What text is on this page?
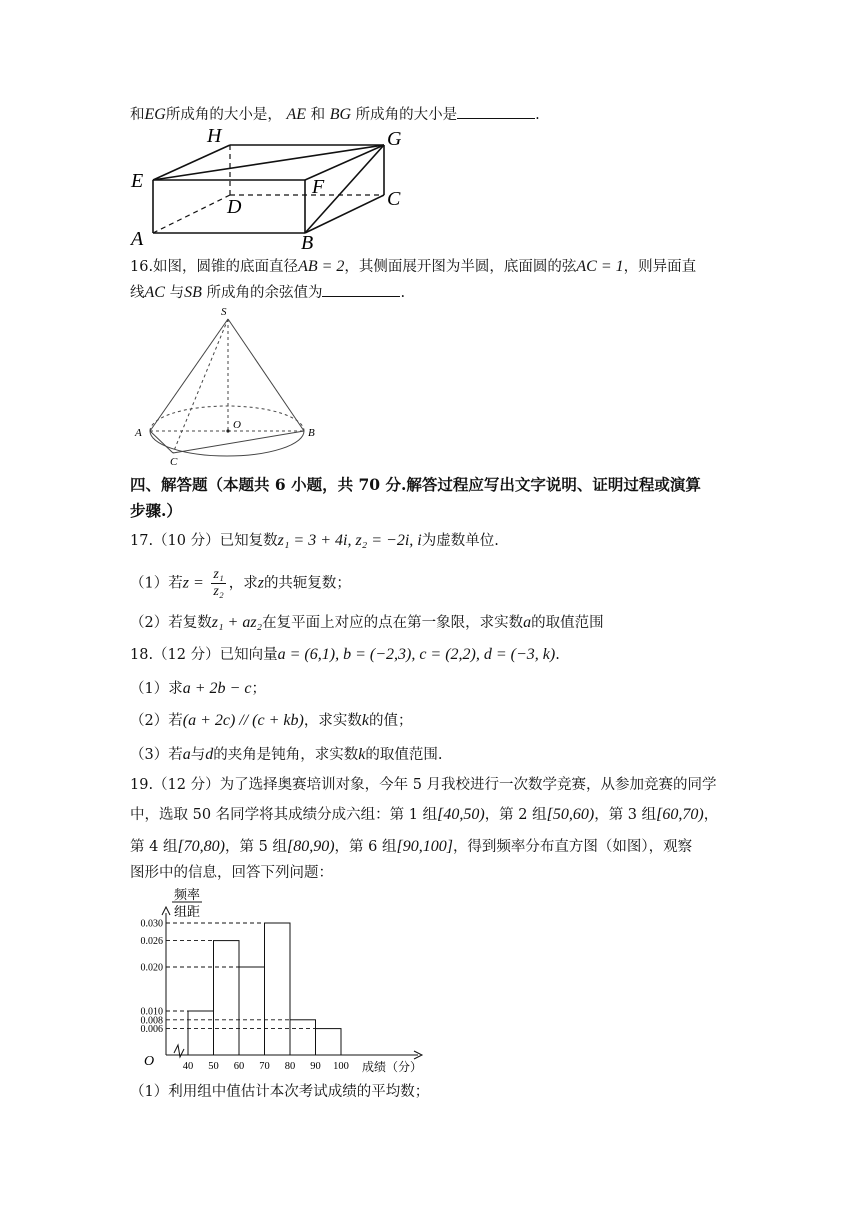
和EG所成角的大小是， AE 和 BG 所成角的大小是	.
H	G
E	F
D	C
A	B
16.如图，圆锥的底面直径AB = 2，其侧面展开图为半圆，底面圆的弦AC = 1，则异面直
线AC 与SB 所成角的余弦值为	.
S
O
A	B
C
四、解答题（本题共 6 小题，共 70 分.解答过程应写出文字说明、证明过程或演算
步骤.）
17.（10 分）已知复数z₁ = 3 + 4i, z₂ = −2i, i为虚数单位.
（1）若$z = \frac{\text{z₁}}{\text{z₂}}$ ，求z的共轭复数；
（2）若复数z₁ + az₂在复平面上对应的点在第一象限，求实数a的取值范围
18.（12 分）已知向量a = (6,1), b = (−2,3), c = (2,2), d = (−3, k).
（1）求a + 2b − c；
（2）若(a + 2c) // (c + kb)，求实数k的值；
（3）若a与d的夹角是钝角，求实数k的取值范围.
19.（12 分）为了选择奥赛培训对象，今年 5 月我校进行一次数学竞赛，从参加竞赛的同学
中，选取 50 名同学将其成绩分成六组：第 1 组[40,50)，第 2 组[50,60)，第 3 组[60,70)，
第 4 组[70,80)，第 5 组[80,90)，第 6 组[90,100]，得到频率分布直方图（如图），观察
图形中的信息，回答下列问题：
频率
组距
O	成绩（分）
0.030
0.026
0.020
0.010
0.008
0.006
40 50 60 70 80 90 100
（1）利用组中值估计本次考试成绩的平均数；
